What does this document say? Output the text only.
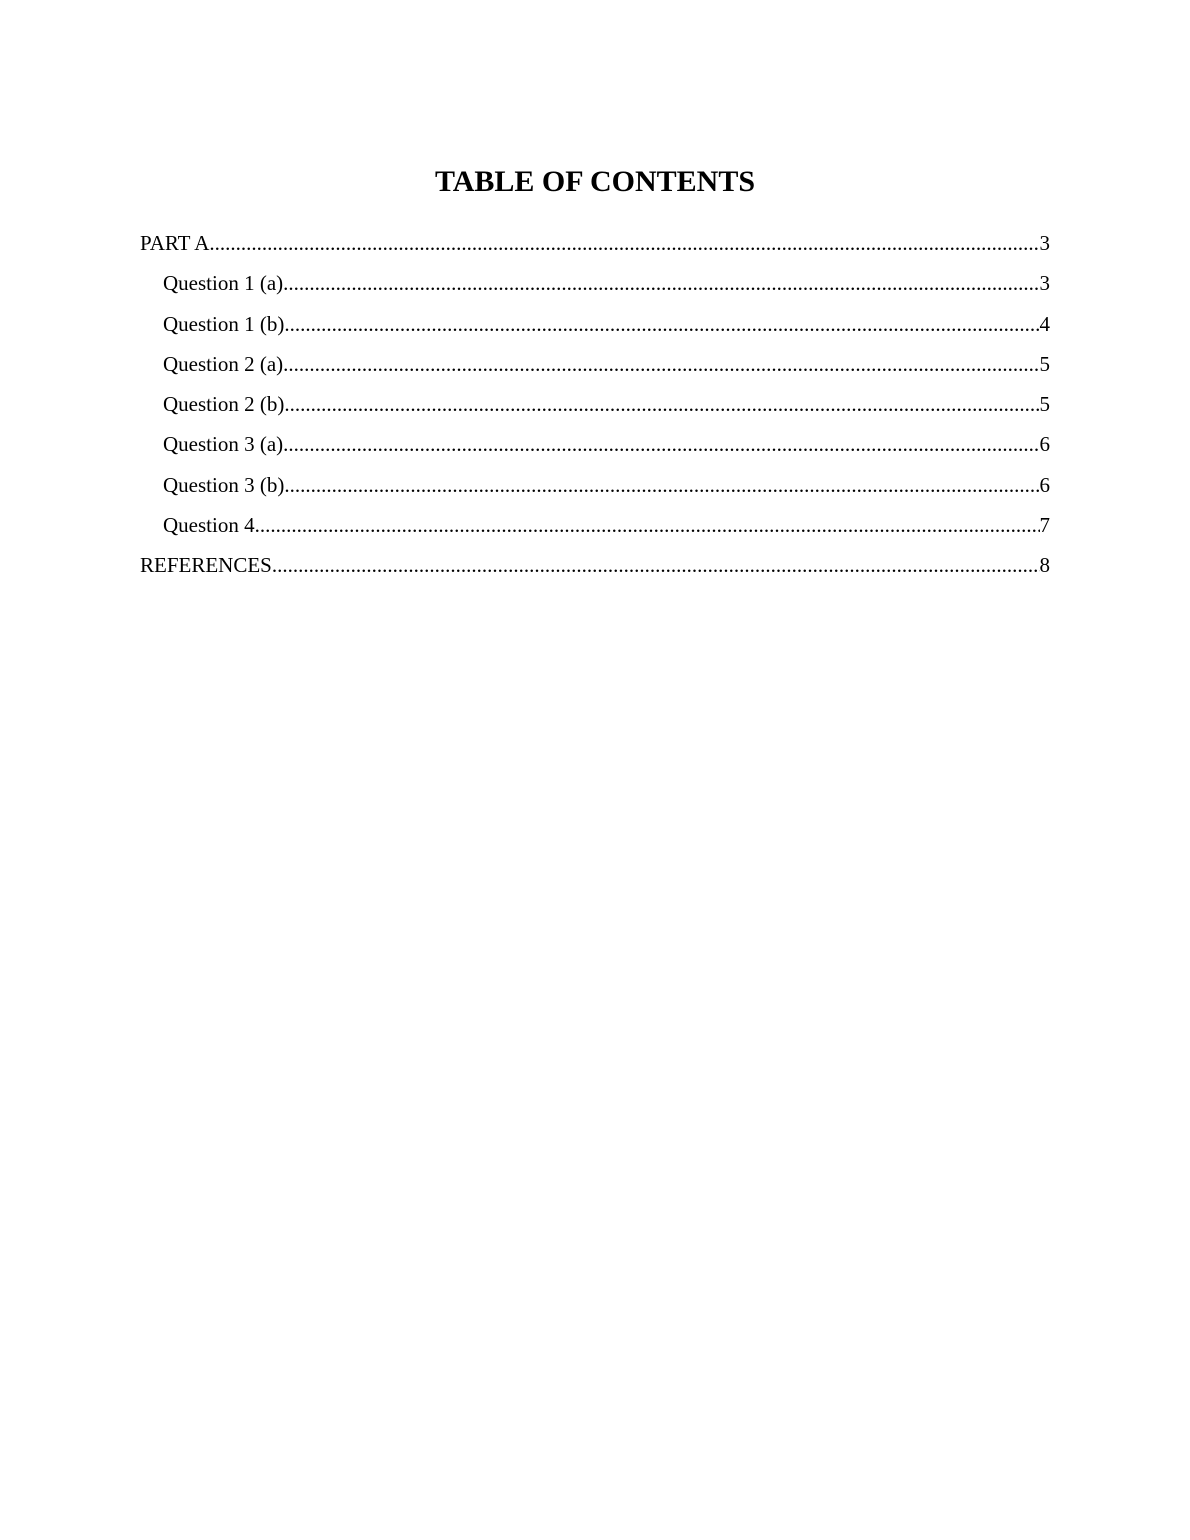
TABLE OF CONTENTS
PART A .....	3
Question 1 (a) .....	3
Question 1 (b) .....	4
Question 2 (a) .....	5
Question 2 (b) .....	5
Question 3 (a) .....	6
Question 3 (b) .....	6
Question 4 .....	7
REFERENCES .....	8
